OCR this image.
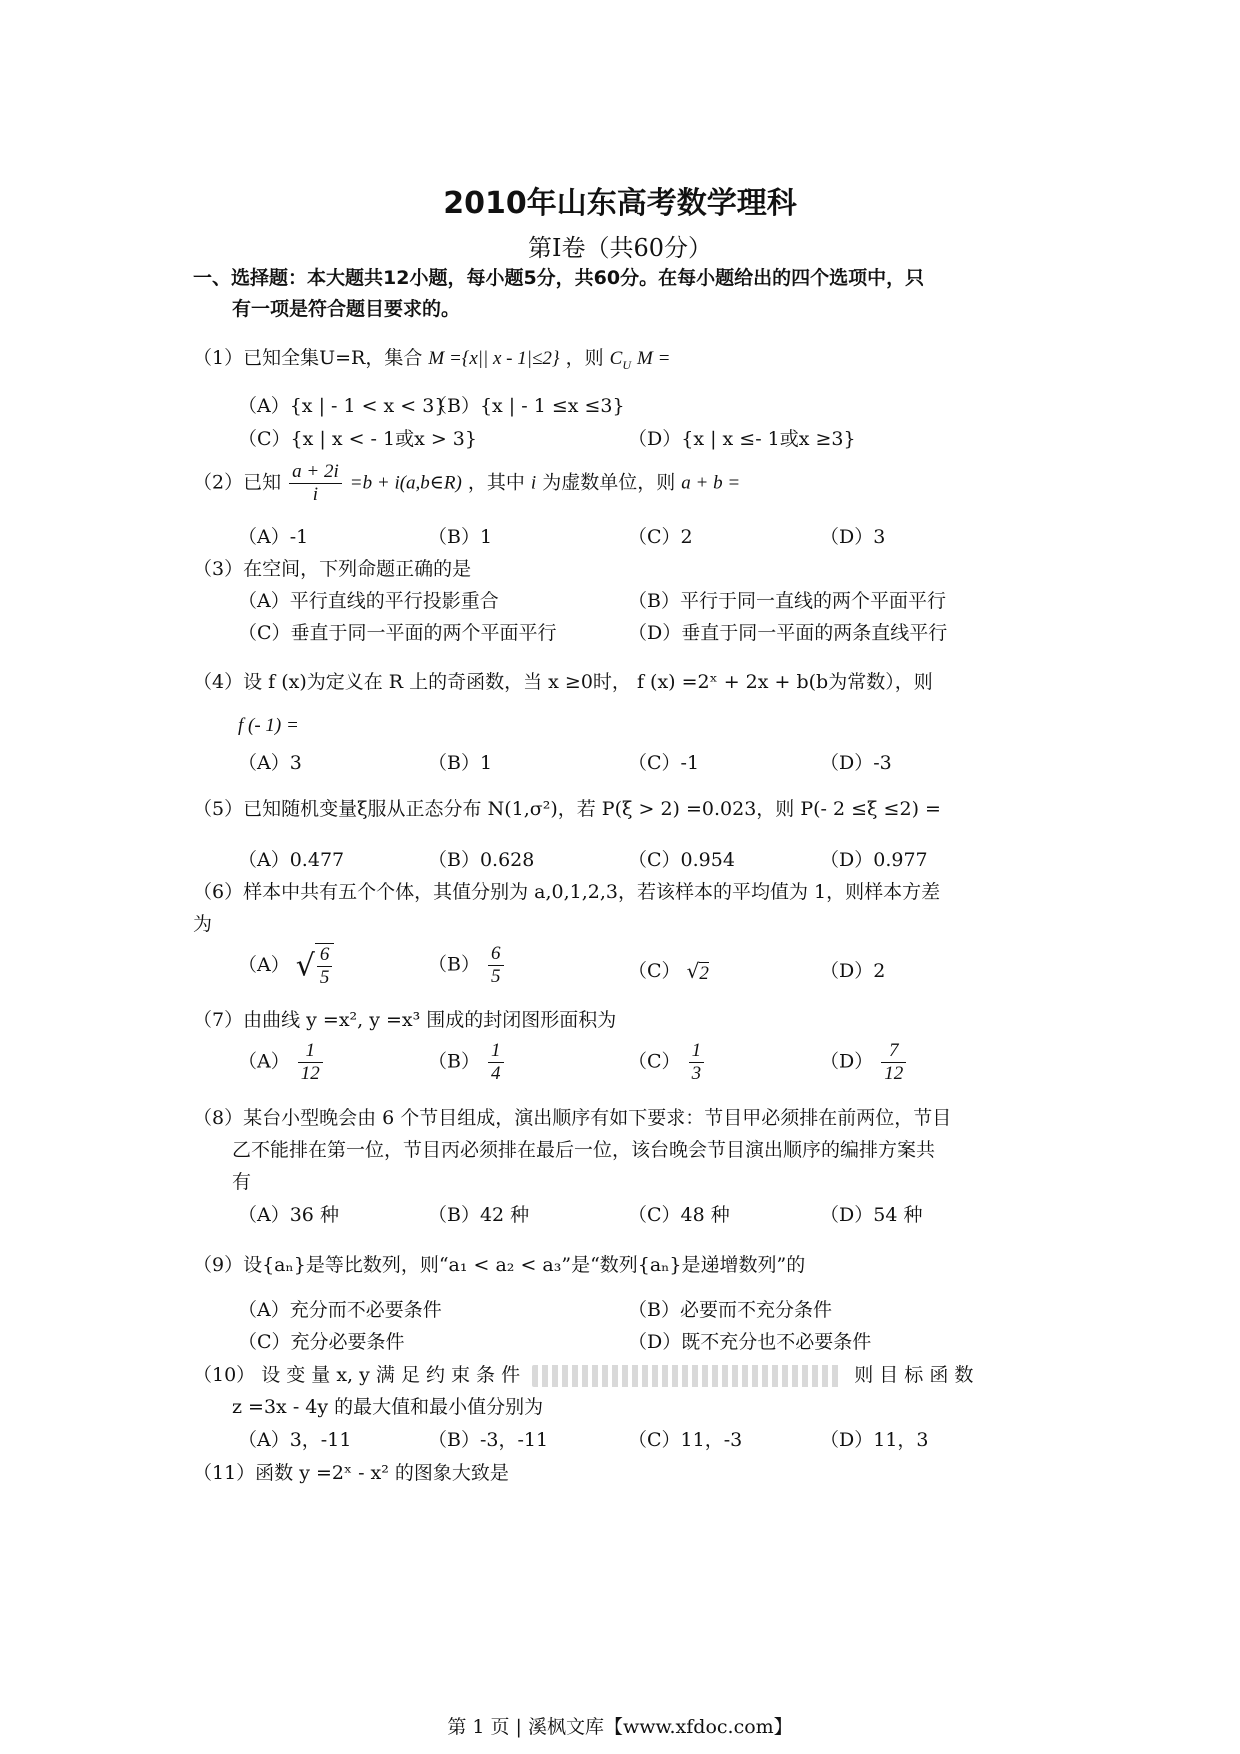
2010年山东高考数学理科
第Ⅰ卷（共60分）
一、选择题：本大题共12小题，每小题5分，共60分。在每小题给出的四个选项中，只
有一项是符合题目要求的。
（1）已知全集U=R，集合 M ={x|| x - 1|≤2} ，则 $C_U$ M =
（A）{x | - 1 < x < 3}
（B）{x | - 1 ≤x ≤3}
（C）{x | x < - 1或x > 3}	（D）{x | x ≤- 1或x ≥3}
（2）已知 $\frac{a + 2i}{i} =b$ + i(a,b∈R) ，其中 i 为虚数单位，则 a + b =
（A）-1	（B）1	（C）2	（D）3
（3）在空间，下列命题正确的是
（A）平行直线的平行投影重合	（B）平行于同一直线的两个平面平行
（C）垂直于同一平面的两个平面平行	（D）垂直于同一平面的两条直线平行
（4）设 f (x)为定义在 R 上的奇函数，当 x ≥0时， f (x) =2ˣ + 2x + b(b为常数），则
f (- 1) =
（A）3	（B）1	（C）-1	（D）-3
（5）已知随机变量ξ服从正态分布 N(1,σ²)，若 P(ξ > 2) =0.023，则 P(- 2 ≤ξ ≤2) =
（A）0.477	（B）0.628	（C）0.954	（D）0.977
（6）样本中共有五个个体，其值分别为 a,0,1,2,3，若该样本的平均值为 1，则样本方差
为
（A） √ $\frac{6}{5}$	$(B) \frac{6}{5}$	（C） √2	（D）2
（7）由曲线 y =x², y =x³ 围成的封闭图形面积为
$(A) \frac{1}{12}$	$(B) \frac{1}{4}$	$(C) \frac{1}{3}$	$(D) \frac{7}{12}$
（8）某台小型晚会由 6 个节目组成，演出顺序有如下要求：节目甲必须排在前两位，节目
乙不能排在第一位，节目丙必须排在最后一位，该台晚会节目演出顺序的编排方案共
有
（A）36 种	（B）42 种	（C）48 种	（D）54 种
（9）设{aₙ}是等比数列，则“a₁ < a₂ < a₃”是“数列{aₙ}是递增数列”的
（A）充分而不必要条件	（B）必要而不充分条件
（C）充分必要条件	（D）既不充分也不必要条件
（10） 设 变 量 x, y 满 足 约 束 条 件	则 目 标 函 数
z =3x - 4y 的最大值和最小值分别为
（A）3，-11	（B）-3，-11	（C）11，-3	（D）11，3
（11）函数 y =2ˣ - x² 的图象大致是
第 1 页 | 溪枫文库【www.xfdoc.com】
